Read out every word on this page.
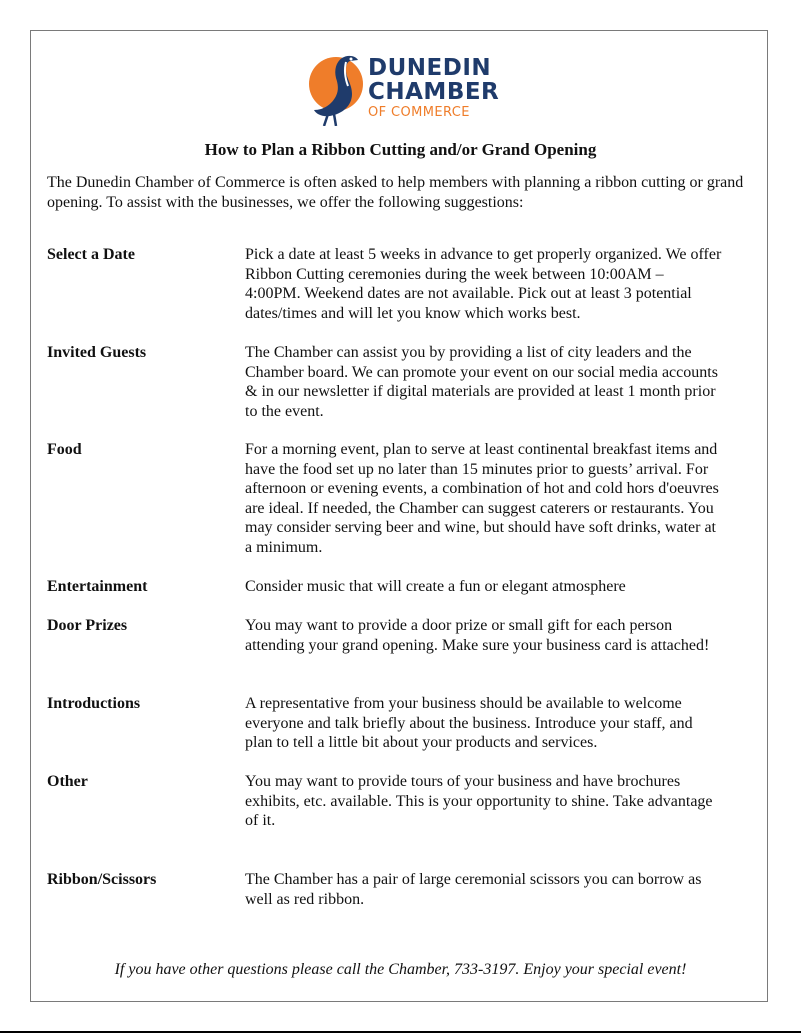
DUNEDIN
CHAMBER
OF COMMERCE
How to Plan a Ribbon Cutting and/or Grand Opening
The Dunedin Chamber of Commerce is often asked to help members with planning a ribbon cutting or grand opening. To assist with the businesses, we offer the following suggestions:
Select a Date	Pick a date at least 5 weeks in advance to get properly organized. We offer Ribbon Cutting ceremonies during the week between 10:00AM – 4:00PM. Weekend dates are not available. Pick out at least 3 potential dates/times and will let you know which works best.
Invited Guests	The Chamber can assist you by providing a list of city leaders and the Chamber board. We can promote your event on our social media accounts & in our newsletter if digital materials are provided at least 1 month prior to the event.
Food	For a morning event, plan to serve at least continental breakfast items and have the food set up no later than 15 minutes prior to guests’ arrival. For afternoon or evening events, a combination of hot and cold hors d'oeuvres are ideal. If needed, the Chamber can suggest caterers or restaurants. You may consider serving beer and wine, but should have soft drinks, water at a minimum.
Entertainment	Consider music that will create a fun or elegant atmosphere
Door Prizes	You may want to provide a door prize or small gift for each person attending your grand opening. Make sure your business card is attached!
Introductions	A representative from your business should be available to welcome everyone and talk briefly about the business. Introduce your staff, and plan to tell a little bit about your products and services.
Other	You may want to provide tours of your business and have brochures exhibits, etc. available. This is your opportunity to shine. Take advantage of it.
Ribbon/Scissors	The Chamber has a pair of large ceremonial scissors you can borrow as well as red ribbon.
If you have other questions please call the Chamber, 733-3197. Enjoy your special event!
